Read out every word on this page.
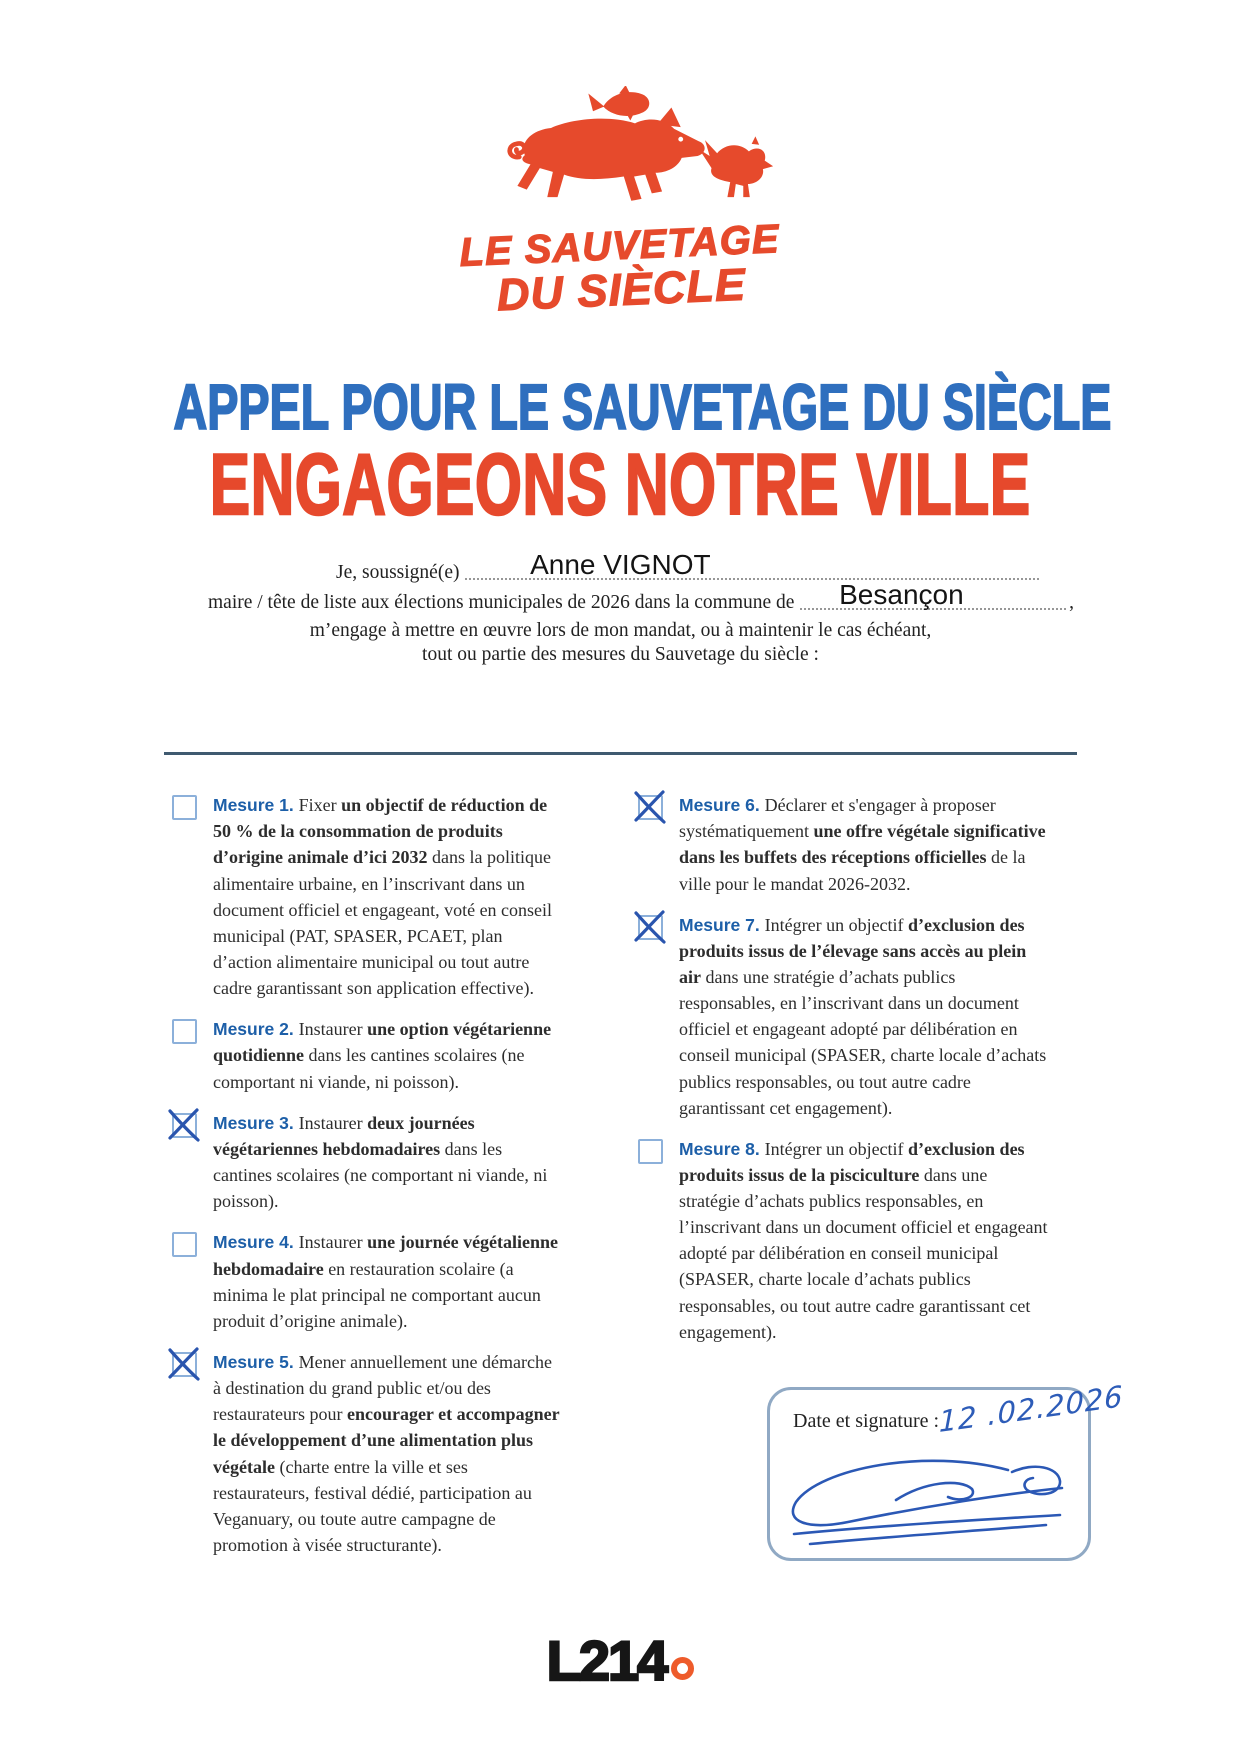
LE SAUVETAGE
DU SIÈCLE
APPEL POUR LE SAUVETAGE DU SIÈCLE
ENGAGEONS NOTRE VILLE
Je, soussigné(e)	Anne VIGNOT
maire / tête de liste aux élections municipales de 2026 dans la commune de Besançon	,
m’engage à mettre en œuvre lors de mon mandat, ou à maintenir le cas échéant,
tout ou partie des mesures du Sauvetage du siècle :
Mesure 1. Fixer un objectif de réduction de 50 % de la consommation de produits d’origine animale d’ici 2032 dans la politique alimentaire urbaine, en l’inscrivant dans un document officiel et engageant, voté en conseil municipal (PAT, SPASER, PCAET, plan d’action alimentaire municipal ou tout autre cadre garantissant son application effective).
Mesure 2. Instaurer une option végétarienne quotidienne dans les cantines scolaires (ne comportant ni viande, ni poisson).
Mesure 3. Instaurer deux journées végétariennes hebdomadaires dans les cantines scolaires (ne comportant ni viande, ni poisson).
Mesure 4. Instaurer une journée végétalienne hebdomadaire en restauration scolaire (a minima le plat principal ne comportant aucun produit d’origine animale).
Mesure 5. Mener annuellement une démarche à destination du grand public et/ou des restaurateurs pour encourager et accompagner le développement d’une alimentation plus végétale (charte entre la ville et ses restaurateurs, festival dédié, participation au Veganuary, ou toute autre campagne de promotion à visée structurante).
Mesure 6. Déclarer et s'engager à proposer systématiquement une offre végétale significative dans les buffets des réceptions officielles de la ville pour le mandat 2026-2032.
Mesure 7. Intégrer un objectif d’exclusion des produits issus de l’élevage sans accès au plein air dans une stratégie d’achats publics responsables, en l’inscrivant dans un document officiel et engageant adopté par délibération en conseil municipal (SPASER, charte locale d’achats publics responsables, ou tout autre cadre garantissant cet engagement).
Mesure 8. Intégrer un objectif d’exclusion des produits issus de la pisciculture dans une stratégie d’achats publics responsables, en l’inscrivant dans un document officiel et engageant adopté par délibération en conseil municipal (SPASER, charte locale d’achats publics responsables, ou tout autre cadre garantissant cet engagement).
Date et signature : 12 .02.2026
L214
